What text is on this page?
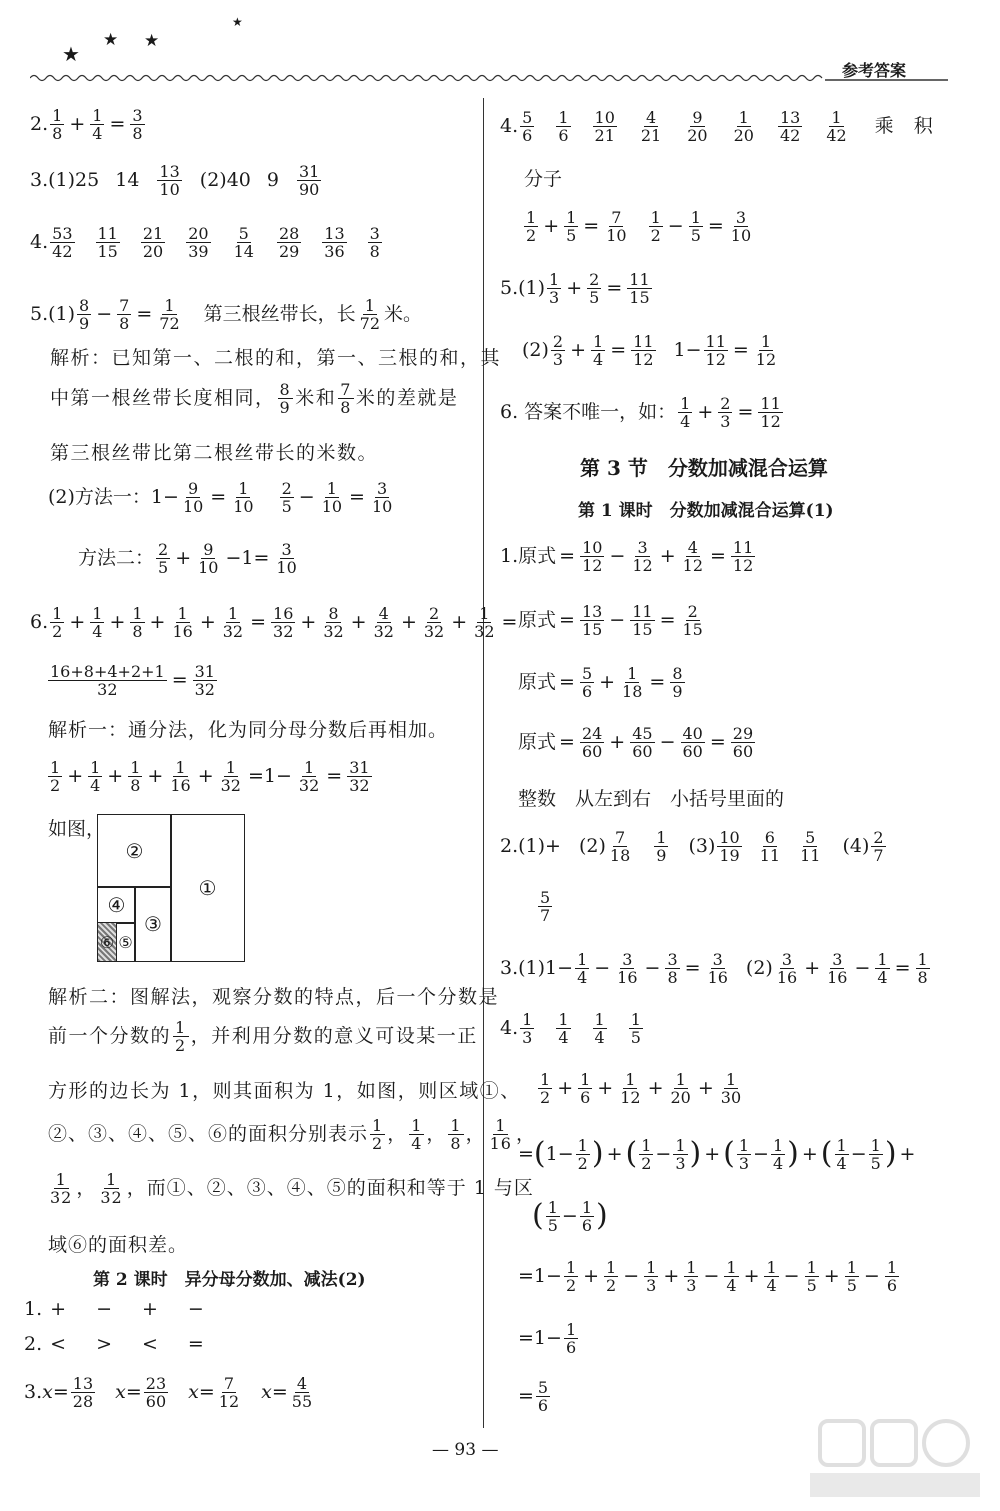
★
★ ★
★
参考答案
2. $\frac{1}{8} + \frac{1}{4} = \frac{3}{8}$
3. (1)25 $14 \frac{13}{10} (2)40$ $9 \frac{31}{90}$
4. $\frac{53}{42} \frac{11}{15} \frac{21}{20} \frac{20}{39} \frac{5}{14} \frac{28}{29} \frac{13}{36} \frac{3}{8}$
$5.(1) \frac{8}{9} - \frac{7}{8} = \frac{1}{72}$ 第三根丝带长，长 $\frac{1}{72}$ 米。
解析：已知第一、二根的和，第一、三根的和，其
中第一根丝带长度相同， $\frac{8}{9}$ 米和 $\frac{7}{8}$ 米的差就是
第三根丝带比第二根丝带长的米数。
(2)方法一：$1- \frac{9}{10} = \frac{1}{10} \frac{2}{5} - \frac{1}{10} = \frac{3}{10}$
方法二： $\frac{2}{5} + \frac{9}{10} -1= \frac{3}{10}$
6. $\frac{1}{2} + \frac{1}{4} + \frac{1}{8} + \frac{1}{16} + \frac{1}{32} = \frac{16}{32} + \frac{8}{32} + \frac{4}{32} + \frac{2}{32} + \frac{1}{32}$ =
$\frac{16+8+4+2+1}{32} = \frac{31}{32}$
解析一：通分法，化为同分母分数后再相加。
$\frac{1}{2} + \frac{1}{4} + \frac{1}{8} + \frac{1}{16} + \frac{1}{32} =1- \frac{1}{32} = \frac{31}{32}$
如图，
①
②
③
④
⑤
⑥
解析二：图解法，观察分数的特点，后一个分数是
前一个分数的 $\frac{1}{2}$ ，并利用分数的意义可设某一正
方形的边长为 1，则其面积为 1，如图，则区域①、
②、③、④、⑤、⑥的面积分别表示 $\frac{1}{2}$ ， $\frac{1}{4}$ ， $\frac{1}{8}$ ， $\frac{1}{16}$ ，
$\frac{1}{32}$ ， $\frac{1}{32}$ ，而①、②、③、④、⑤的面积和等于 1 与区
域⑥的面积差。
第 2 课时　异分母分数加、减法(2)
1. + − + −
2. < > < =
3. $x= \frac{13}{28} x= \frac{23}{60} x= \frac{7}{12} x= \frac{4}{55}$
4. $\frac{5}{6} \frac{1}{6} \frac{10}{21} \frac{4}{21} \frac{9}{20} \frac{1}{20} \frac{13}{42} \frac{1}{42}$ 乘 积
分子
$\frac{1}{2} + \frac{1}{5} = \frac{7}{10} \frac{1}{2} - \frac{1}{5} = \frac{3}{10}$
$5.(1) \frac{1}{3} + \frac{2}{5} = \frac{11}{15}$
$(2) \frac{2}{3} + \frac{1}{4} = \frac{11}{12} 1- \frac{11}{12} = \frac{1}{12}$
6. 答案不唯一，如： $\frac{1}{4} + \frac{2}{3} = \frac{11}{12}$
第 3 节　分数加减混合运算
第 1 课时　分数加减混合运算(1)
1. 原式 = $\frac{10}{12} - \frac{3}{12} + \frac{4}{12} = \frac{11}{12}$
原式 = $\frac{13}{15} - \frac{11}{15} = \frac{2}{15}$
原式 = $\frac{5}{6} + \frac{1}{18} = \frac{8}{9}$
原式 = $\frac{24}{60} + \frac{45}{60} - \frac{40}{60} = \frac{29}{60}$
整数　从左到右　小括号里面的
$2.(1)+ (2) \frac{7}{18} \frac{1}{9} (3) \frac{10}{19} \frac{6}{11} \frac{5}{11} (4) \frac{2}{7}$
$\frac{5}{7}$
$3.(1)1- \frac{1}{4} - \frac{3}{16} - \frac{3}{8} = \frac{3}{16} (2) \frac{3}{16} + \frac{3}{16} - \frac{1}{4} = \frac{1}{8}$
4. $\frac{1}{3} \frac{1}{4} \frac{1}{4} \frac{1}{5}$
$\frac{1}{2} + \frac{1}{6} + \frac{1}{12} + \frac{1}{20} + \frac{1}{30}$
= ( $1- \frac{1}{2}$ ) + ( $\frac{1}{2} - \frac{1}{3}$ ) + ( $\frac{1}{3} - \frac{1}{4}$ ) + ( $\frac{1}{4} - \frac{1}{5}$ ) +
( $\frac{1}{5} - \frac{1}{6}$ )
$=1- \frac{1}{2} + \frac{1}{2} - \frac{1}{3} + \frac{1}{3} - \frac{1}{4} + \frac{1}{4} - \frac{1}{5} + \frac{1}{5} - \frac{1}{6}$
$=1- \frac{1}{6}$
= $\frac{5}{6}$
— 93 —
